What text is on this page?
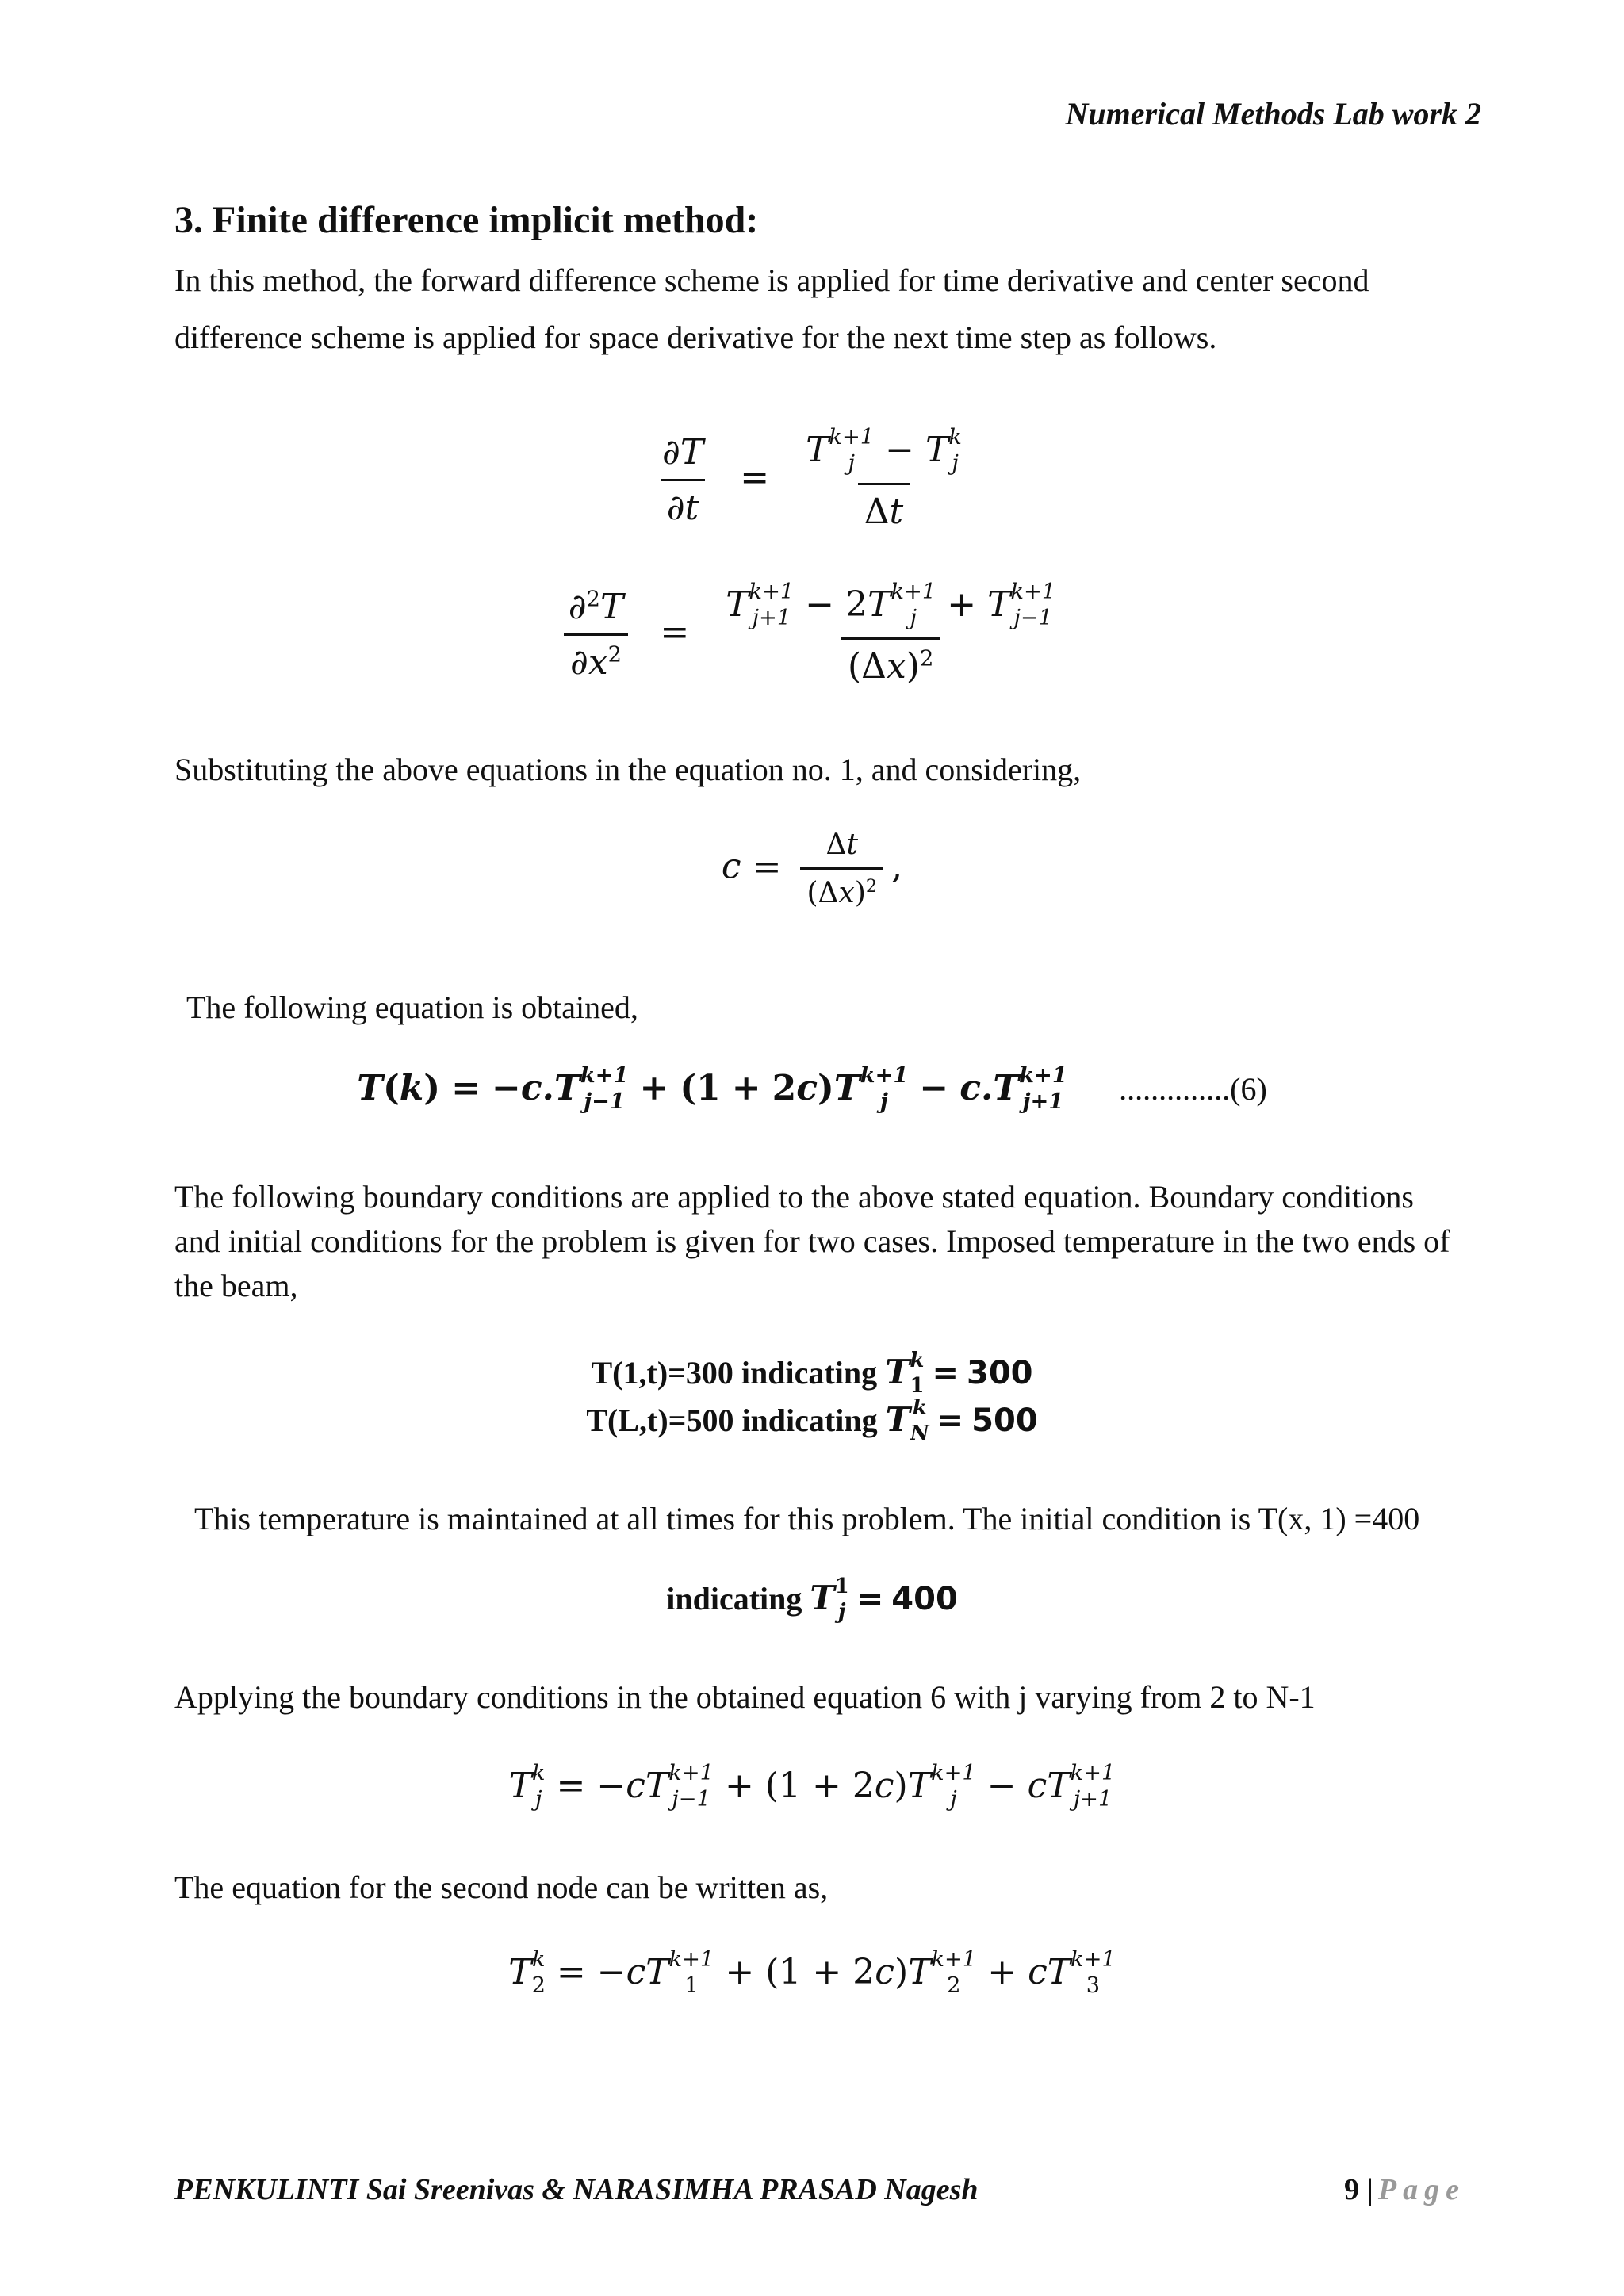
Numerical Methods Lab work 2
3. Finite difference implicit method:
In this method, the forward difference scheme is applied for time derivative and center second difference scheme is applied for space derivative for the next time step as follows.
$\frac{\partial T}{\partial t} = T$ k+1
j − T k
j
Δt
$\frac{\partial^2T}{\partial x^2} = T$ k+1
j+1 − 2T k+1
j + T k+1
j−1
$(\Delta x)^2$
Substituting the above equations in the equation no. 1, and considering,
$c = \frac{\Delta t}{(\Delta x)^2}$ ,
The following equation is obtained,
T(k) = −c.T k+1
j−1 + (1 + 2c)T k+1
j − c.T k+1
j+1 ..............(6)
The following boundary conditions are applied to the above stated equation. Boundary conditions and initial conditions for the problem is given for two cases. Imposed temperature in the two ends of the beam,
T(1,t)=300 indicating T k
1 = 300
T(L,t)=500 indicating T k
N = 500
This temperature is maintained at all times for this problem. The initial condition is T(x, 1) =400
indicating T 1
j = 400
Applying the boundary conditions in the obtained equation 6 with j varying from 2 to N-1
T k
j = −cT k+1
j−1 + (1 + 2c)T k+1
j − cT k+1
j+1
The equation for the second node can be written as,
T k
2 = −cT k+1
1 + (1 + 2c)T k+1
2 + cT k+1
3
PENKULINTI Sai Sreenivas & NARASIMHA PRASAD Nagesh	9 | Page
